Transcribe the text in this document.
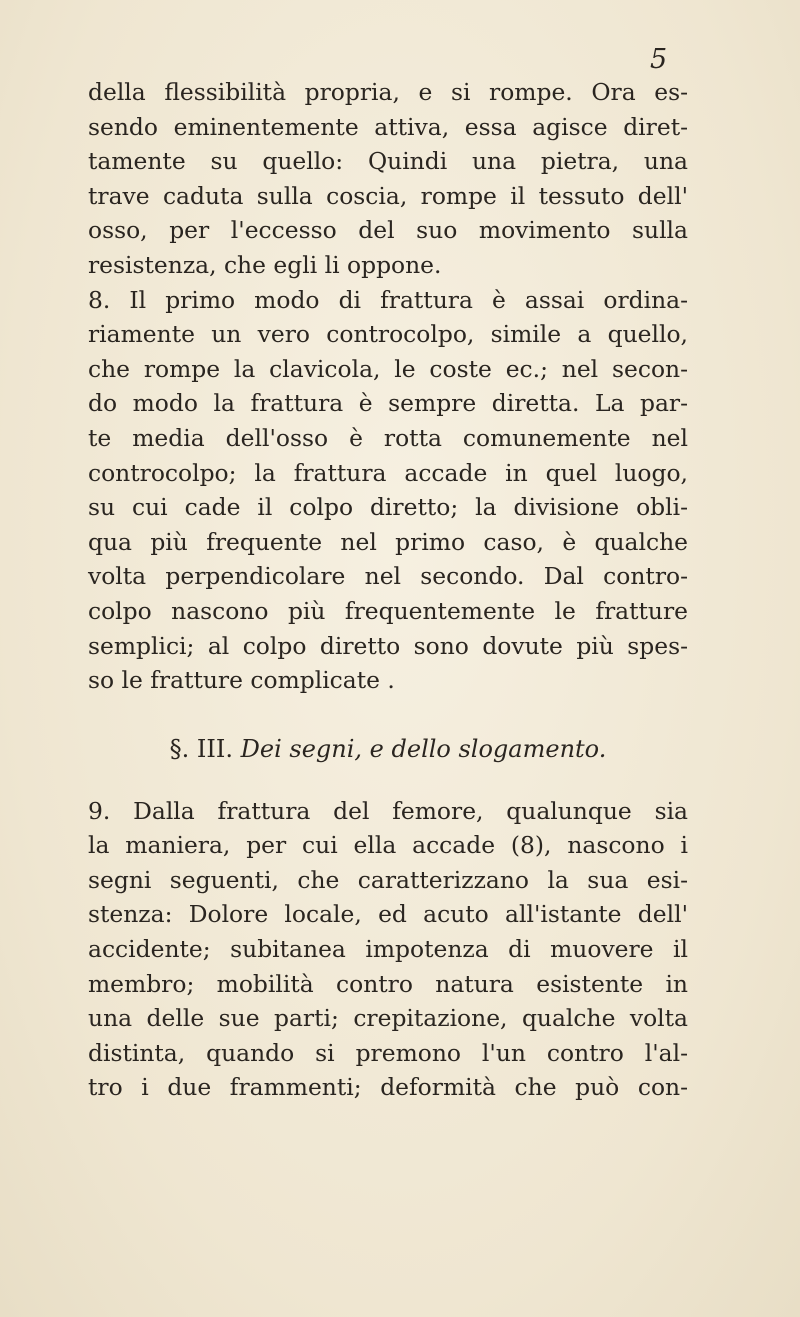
5
della flessibilità propria, e si rompe. Ora es-
sendo eminentemente attiva, essa agisce diret-
tamente su quello: Quindi una pietra, una
trave caduta sulla coscia, rompe il tessuto dell'
osso, per l'eccesso del suo movimento sulla
resistenza, che egli li oppone.
8. Il primo modo di frattura è assai ordina-
riamente un vero controcolpo, simile a quello,
che rompe la clavicola, le coste ec.; nel secon-
do modo la frattura è sempre diretta. La par-
te media dell'osso è rotta comunemente nel
controcolpo; la frattura accade in quel luogo,
su cui cade il colpo diretto; la divisione obli-
qua più frequente nel primo caso, è qualche
volta perpendicolare nel secondo. Dal contro-
colpo nascono più frequentemente le fratture
semplici; al colpo diretto sono dovute più spes-
so le fratture complicate .
§. III. Dei segni, e dello slogamento.
9. Dalla frattura del femore, qualunque sia
la maniera, per cui ella accade (8), nascono i
segni seguenti, che caratterizzano la sua esi-
stenza: Dolore locale, ed acuto all'istante dell'
accidente; subitanea impotenza di muovere il
membro; mobilità contro natura esistente in
una delle sue parti; crepitazione, qualche volta
distinta, quando si premono l'un contro l'al-
tro i due frammenti; deformità che può con-
